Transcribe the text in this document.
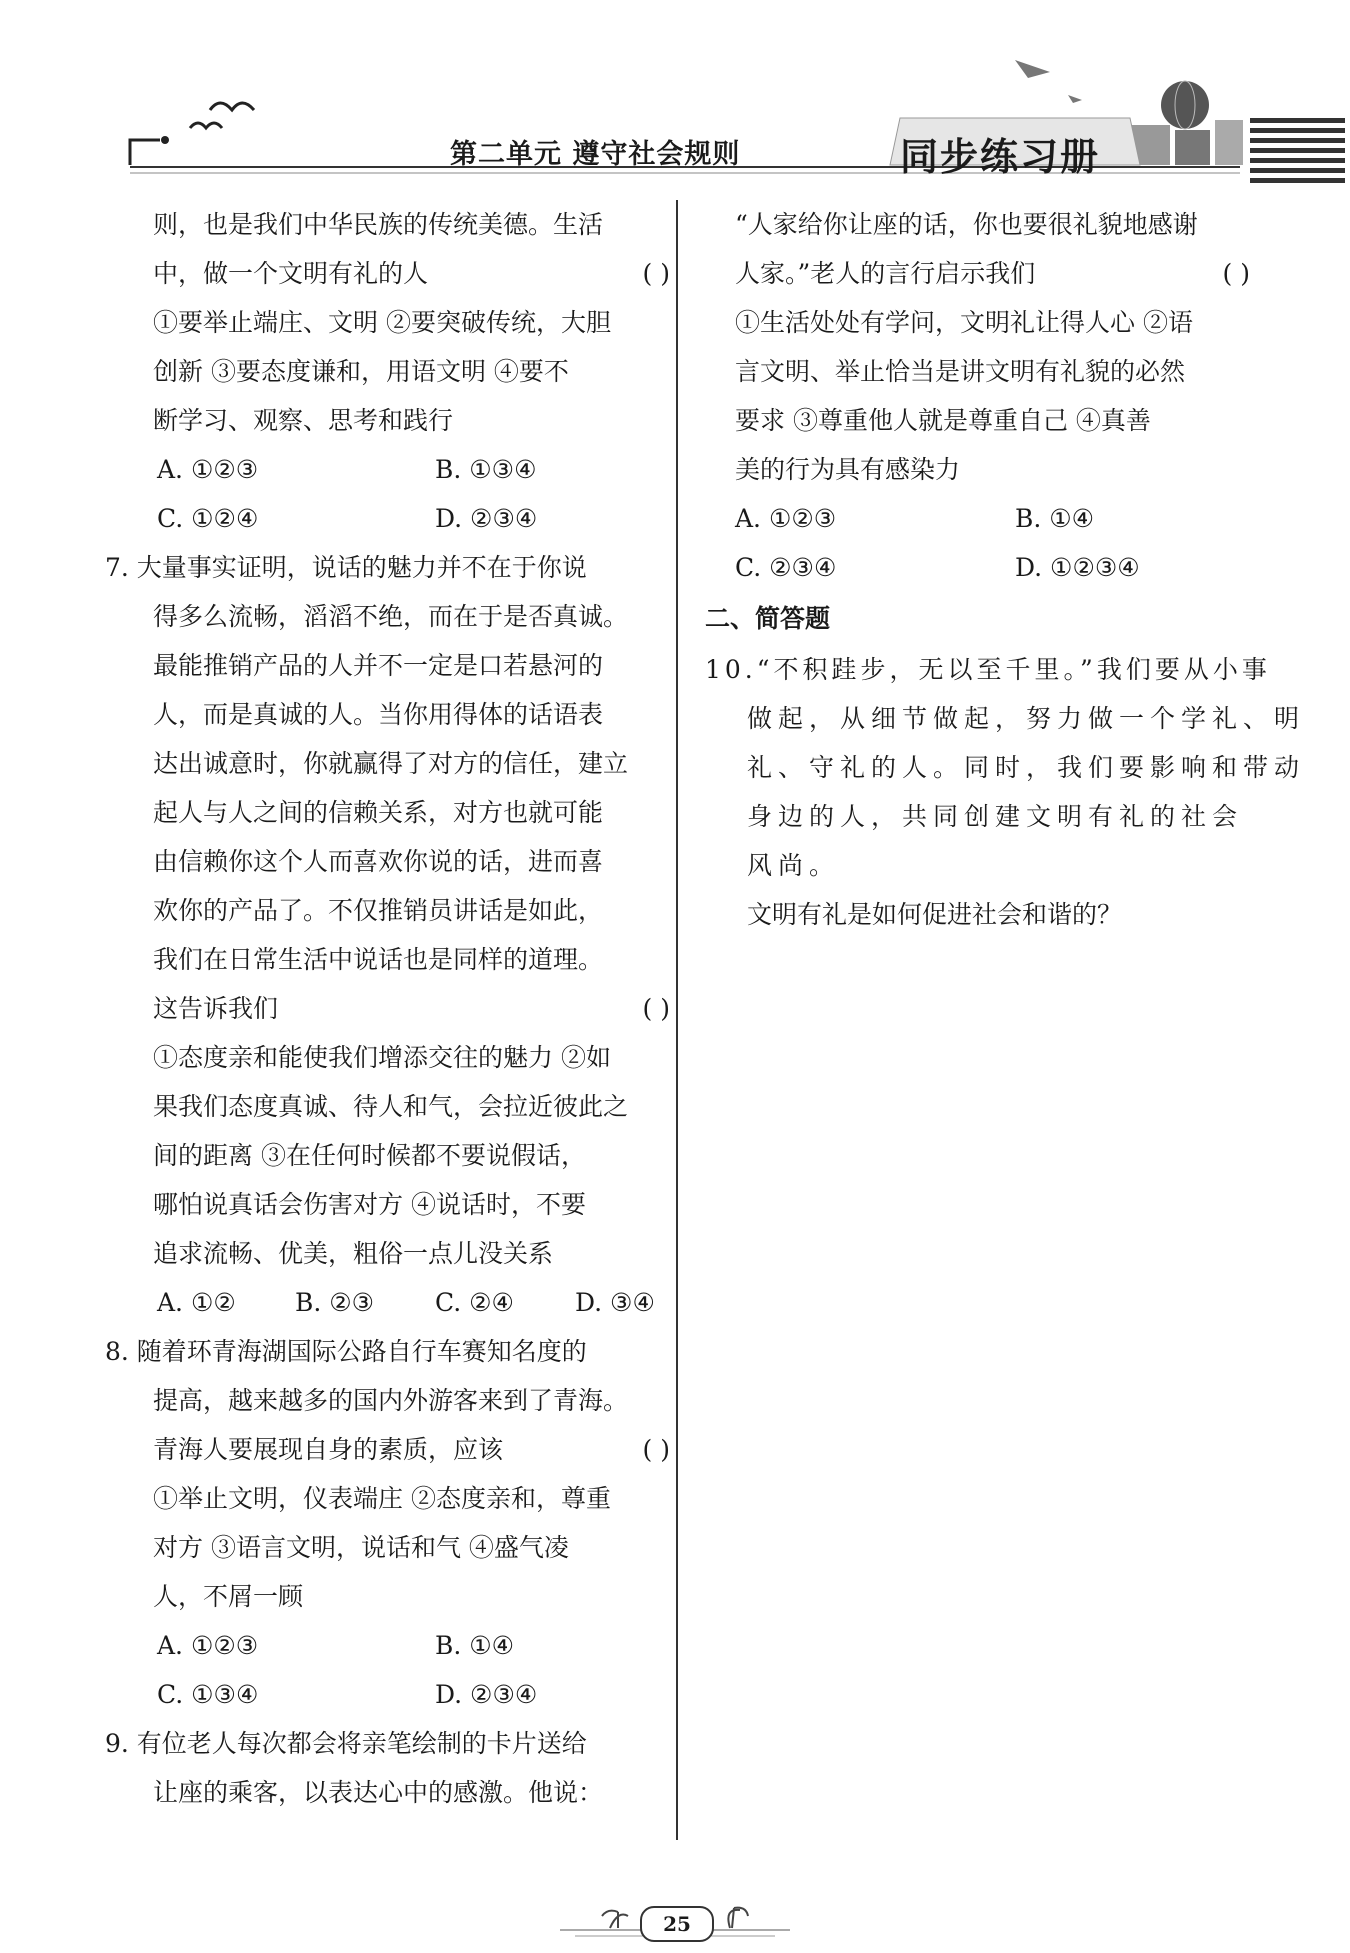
第二单元 遵守社会规则	同步练习册
则，也是我们中华民族的传统美德。生活
中，做一个文明有礼的人	( )
①要举止端庄、文明 ②要突破传统，大胆
创新 ③要态度谦和，用语文明 ④要不
断学习、观察、思考和践行
A. ①②③	B. ①③④
C. ①②④	D. ②③④
7. 大量事实证明，说话的魅力并不在于你说
得多么流畅，滔滔不绝，而在于是否真诚。
最能推销产品的人并不一定是口若悬河的
人，而是真诚的人。当你用得体的话语表
达出诚意时，你就赢得了对方的信任，建立
起人与人之间的信赖关系，对方也就可能
由信赖你这个人而喜欢你说的话，进而喜
欢你的产品了。不仅推销员讲话是如此，
我们在日常生活中说话也是同样的道理。
这告诉我们	( )
①态度亲和能使我们增添交往的魅力 ②如
果我们态度真诚、待人和气，会拉近彼此之
间的距离 ③在任何时候都不要说假话，
哪怕说真话会伤害对方 ④说话时，不要
追求流畅、优美，粗俗一点儿没关系
A. ①② B. ②③ C. ②④ D. ③④
8. 随着环青海湖国际公路自行车赛知名度的
提高，越来越多的国内外游客来到了青海。
青海人要展现自身的素质，应该	( )
①举止文明，仪表端庄 ②态度亲和，尊重
对方 ③语言文明，说话和气 ④盛气凌
人，不屑一顾
A. ①②③	B. ①④
C. ①③④	D. ②③④
9. 有位老人每次都会将亲笔绘制的卡片送给
让座的乘客，以表达心中的感激。他说：
“人家给你让座的话，你也要很礼貌地感谢
人家。”老人的言行启示我们	( )
①生活处处有学问，文明礼让得人心 ②语
言文明、举止恰当是讲文明有礼貌的必然
要求 ③尊重他人就是尊重自己 ④真善
美的行为具有感染力
A. ①②③	B. ①④
C. ②③④	D. ①②③④
二、简答题
10.“不积跬步，无以至千里。”我们要从小事
做起，从细节做起，努力做一个学礼、明
礼、守礼的人。同时，我们要影响和带动
身边的人，共同创建文明有礼的社会
风尚。
文明有礼是如何促进社会和谐的？
25
